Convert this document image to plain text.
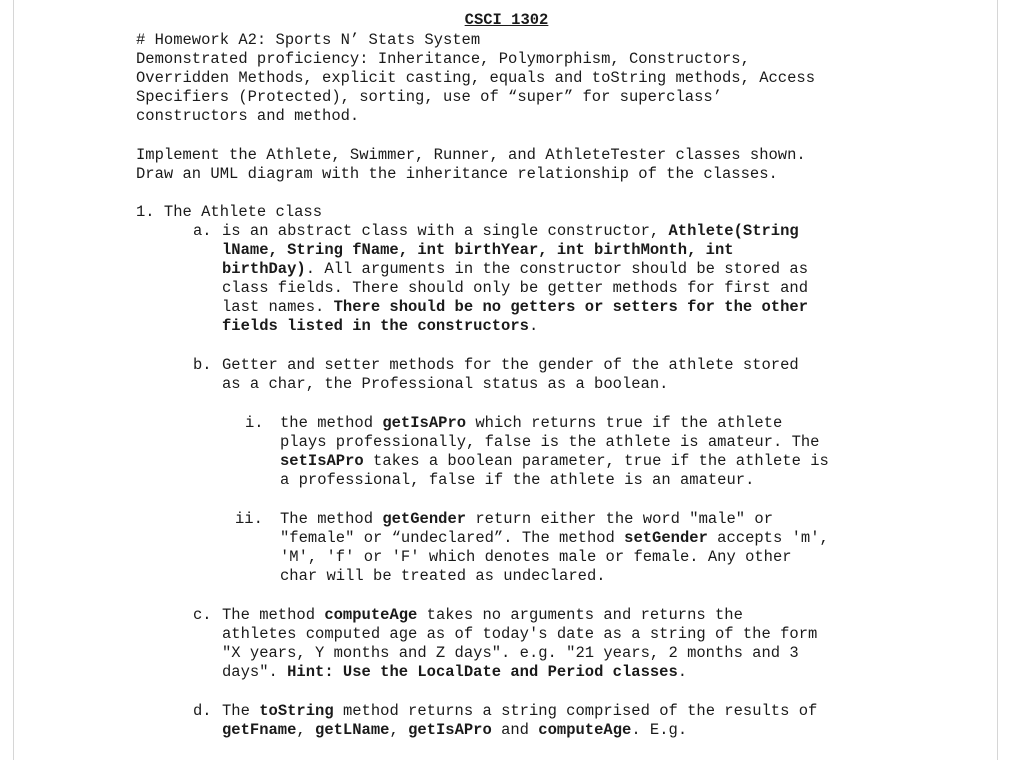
CSCI 1302
# Homework A2: Sports N’ Stats System
Demonstrated proficiency: Inheritance, Polymorphism, Constructors,
Overridden Methods, explicit casting, equals and toString methods, Access
Specifiers (Protected), sorting, use of “super” for superclass’
constructors and method.
Implement the Athlete, Swimmer, Runner, and AthleteTester classes shown.
Draw an UML diagram with the inheritance relationship of the classes.
1. The Athlete class
a. is an abstract class with a single constructor, Athlete(String
lName, String fName, int birthYear, int birthMonth, int
birthDay). All arguments in the constructor should be stored as
class fields. There should only be getter methods for first and
last names. There should be no getters or setters for the other
fields listed in the constructors.
b. Getter and setter methods for the gender of the athlete stored
as a char, the Professional status as a boolean.
i. the method getIsAPro which returns true if the athlete
plays professionally, false is the athlete is amateur. The
setIsAPro takes a boolean parameter, true if the athlete is
a professional, false if the athlete is an amateur.
ii. The method getGender return either the word "male" or
"female" or “undeclared”. The method setGender accepts 'm',
'M', 'f' or 'F' which denotes male or female. Any other
char will be treated as undeclared.
c. The method computeAge takes no arguments and returns the
athletes computed age as of today's date as a string of the form
"X years, Y months and Z days". e.g. "21 years, 2 months and 3
days". Hint: Use the LocalDate and Period classes.
d. The toString method returns a string comprised of the results of
getFname, getLName, getIsAPro and computeAge. E.g.
